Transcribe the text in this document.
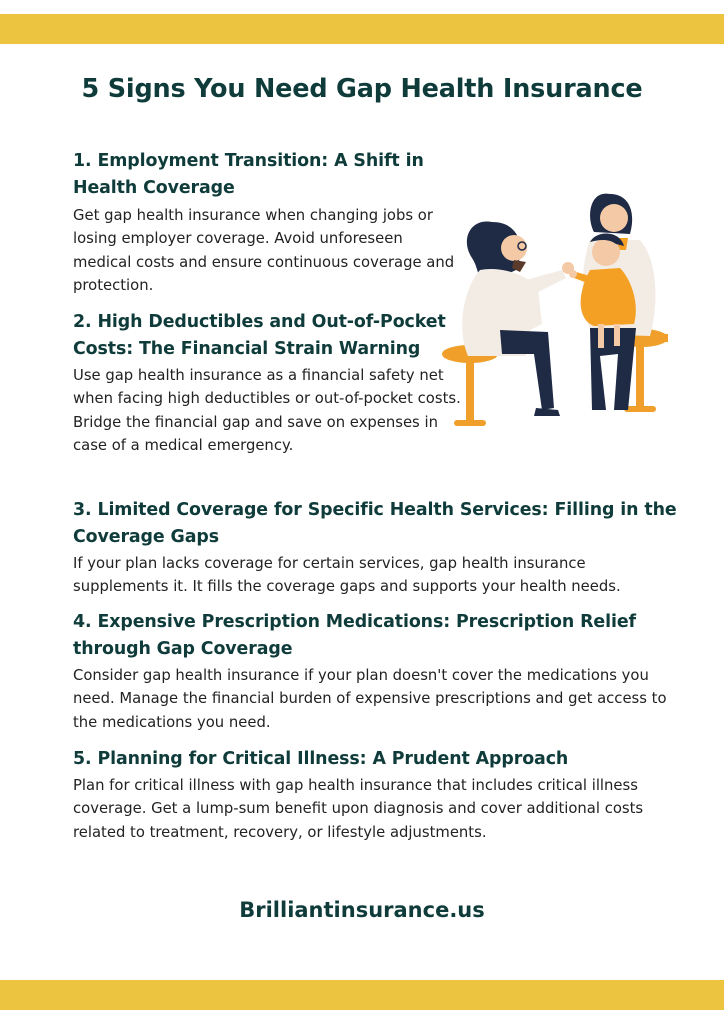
5 Signs You Need Gap Health Insurance
1. Employment Transition: A Shift in Health Coverage

Get gap health insurance when changing jobs or losing employer coverage. Avoid unforeseen medical costs and ensure continuous coverage and protection.

2. High Deductibles and Out-of-Pocket Costs: The Financial Strain Warning

Use gap health insurance as a financial safety net when facing high deductibles or out-of-pocket costs. Bridge the financial gap and save on expenses in case of a medical emergency.

3. Limited Coverage for Specific Health Services: Filling in the Coverage Gaps

If your plan lacks coverage for certain services, gap health insurance supplements it. It fills the coverage gaps and supports your health needs.

4. Expensive Prescription Medications: Prescription Relief through Gap Coverage

Consider gap health insurance if your plan doesn't cover the medications you need. Manage the financial burden of expensive prescriptions and get access to the medications you need.

5. Planning for Critical Illness: A Prudent Approach

Plan for critical illness with gap health insurance that includes critical illness coverage. Get a lump-sum benefit upon diagnosis and cover additional costs related to treatment, recovery, or lifestyle adjustments.

Brilliantinsurance.us
